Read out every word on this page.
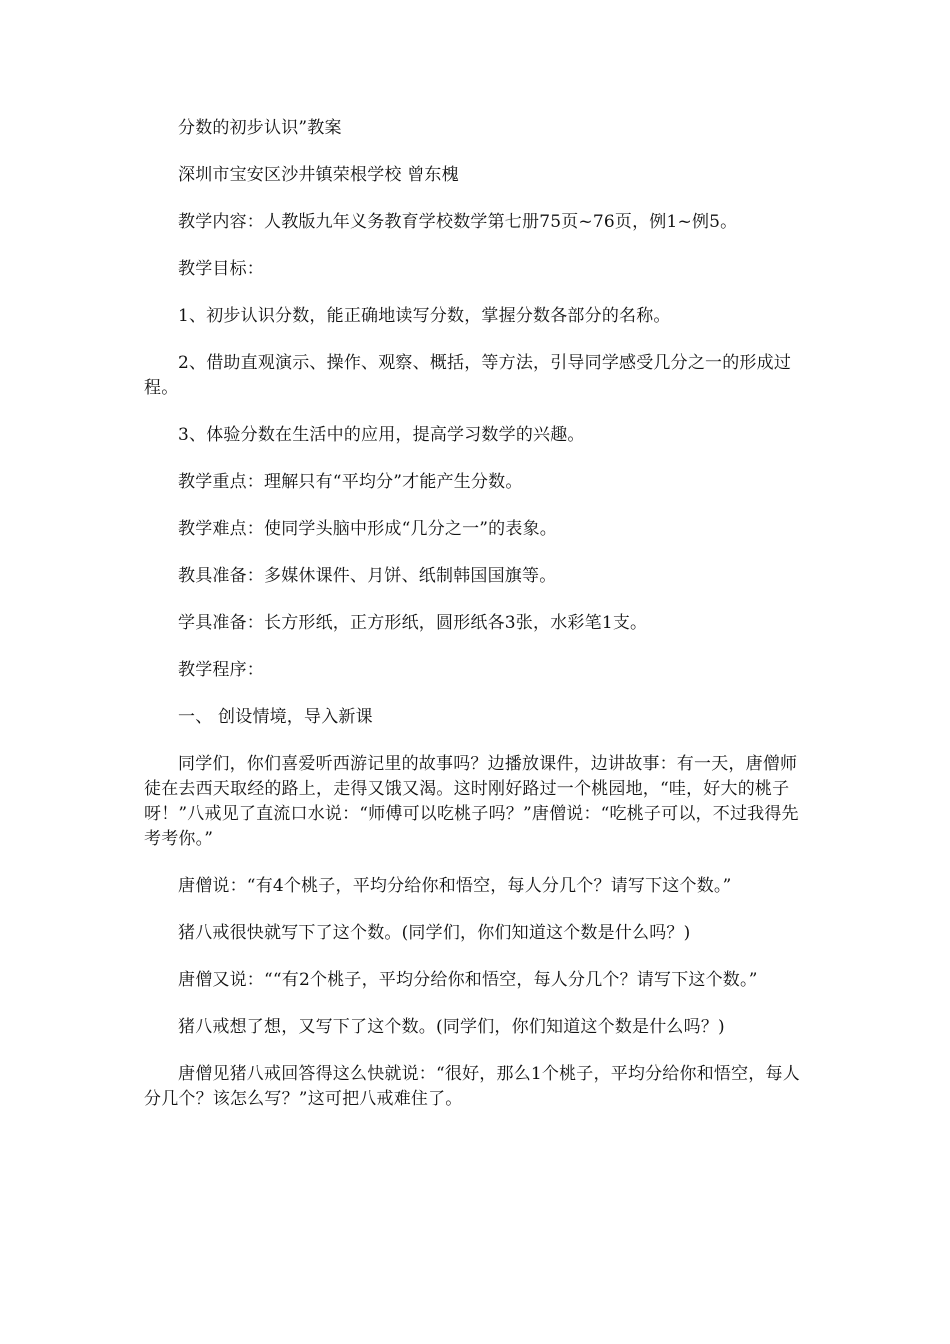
分数的初步认识”教案

深圳市宝安区沙井镇荣根学校 曾东槐

教学内容：人教版九年义务教育学校数学第七册75页~76页，例1~例5。

教学目标：

1、初步认识分数，能正确地读写分数，掌握分数各部分的名称。

2、借助直观演示、操作、观察、概括，等方法，引导同学感受几分之一的形成过程。

3、体验分数在生活中的应用，提高学习数学的兴趣。

教学重点：理解只有“平均分”才能产生分数。

教学难点：使同学头脑中形成“几分之一”的表象。

教具准备：多媒休课件、月饼、纸制韩国国旗等。

学具准备：长方形纸，正方形纸，圆形纸各3张，水彩笔1支。

教学程序：

一、 创设情境，导入新课

同学们，你们喜爱听西游记里的故事吗？边播放课件，边讲故事：有一天，唐僧师徒在去西天取经的路上，走得又饿又渴。这时刚好路过一个桃园地，“哇，好大的桃子呀！”八戒见了直流口水说：“师傅可以吃桃子吗？”唐僧说：“吃桃子可以，不过我得先考考你。”

唐僧说：“有4个桃子，平均分给你和悟空，每人分几个？请写下这个数。”

猪八戒很快就写下了这个数。(同学们，你们知道这个数是什么吗？)

唐僧又说：““有2个桃子，平均分给你和悟空，每人分几个？请写下这个数。”

猪八戒想了想，又写下了这个数。(同学们，你们知道这个数是什么吗？)

唐僧见猪八戒回答得这么快就说：“很好，那么1个桃子，平均分给你和悟空，每人分几个？该怎么写？”这可把八戒难住了。
